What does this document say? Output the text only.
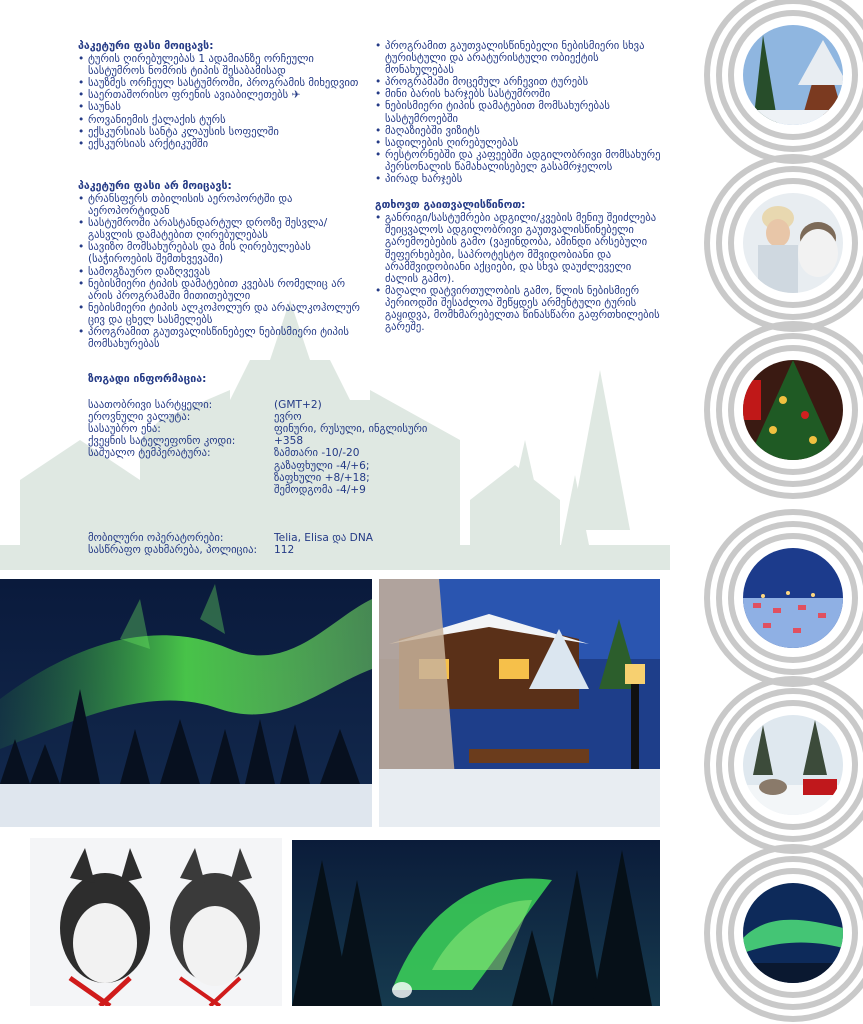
პაკეტური ფასი მოიცავს:
• ტურის ღირებულებას 1 ადამიანზე ორჩეული სასტუმროს ნომრის ტიპის შესაბამისად
• საუზმეს ორჩეულ სასტუმროში, პროგრამის მიხედვით
• საერთაშორისო ფრენის ავიაბილეთებს ✈
• საუნას
• როვანიემის ქალაქის ტურს
• ექსკურსიას სანტა კლაუსის სოფელში
• ექსკურსიას არქტიკუმში
პაკეტური ფასი არ მოიცავს:
• ტრანსფერს თბილისის აეროპორტში და აეროპორტიდან
• სასტუმროში არასტანდარტულ დროზე შესვლა/გასვლის დამატებით ღირებულებას
• სავიზო მომსახურებას და მის ღირებულებას (საჭიროების შემთხვევაში)
• სამოგზაურო დაზღვევას
• ნებისმიერი ტიპის დამატებით კვებას რომელიც არ არის პროგრამაში მითითებული
• ნებისმიერი ტიპის ალკოჰოლურ და არაალკოჰოლურ ცივ და ცხელ სასმელებს
• პროგრამით გაუთვალისწინებელ ნებისმიერი ტიპის მომსახურებას
• პროგრამით გაუთვალისწინებელი ნებისმიერი სხვა ტურისტული და არატურისტული ობიექტის მონახულებას
• პროგრამაში მოცემულ არჩევით ტურებს
• მინი ბარის ხარჯებს სასტუმროში
• ნებისმიერი ტიპის დამატებით მომსახურებას სასტუმროებში
• მაღაზიებში ვიზიტს
• სადილების ღირებულებას
• რესტორნებში და კაფეებში ადგილობრივი მომსახურე პერსონალის წამახალისებელ გასამრჯელოს
• პირად ხარჯებს
გთხოვთ გაითვალისწინოთ:
• განრიგი/სასტუმრები ადგილი/კვების მენიუ შეიძლება შეიცვალოს ადგილობრივი გაუთვალისწინებელი გარემოებების გამო (ვაჟინდობა, ამინდი არსებული შეფერხებები, საპროტესტო მშვიდობიანი და არამშვიდობიანი აქციები, და სხვა დაუძლეველი ძალის გამო).
• მაღალი დატვირთულობის გამო, წლის ნებისმიერ პერიოდში შესაძლოა შეწყდეს არმენტული ტურის გაყიდვა, მომხმარებელთა წინასწარი გაფრთხილების გარეშე.
ზოგადი ინფორმაცია:
საათობრივი სარტყელი:	(GMT+2)
ეროვნული ვალუტა:	ევრო
სასაუბრო ენა:	ფინური, რუსული, ინგლისური
ქვეყნის სატელეფონო კოდი:	+358
საშუალო ტემპერატურა:	ზამთარი -10/-20
გაზაფხული -4/+6;
ზაფხული +8/+18;
შემოდგომა -4/+9
მობილური ოპერატორები:	Telia, Elisa და DNA
სასწრაფო დახმარება, პოლიცია:	112
